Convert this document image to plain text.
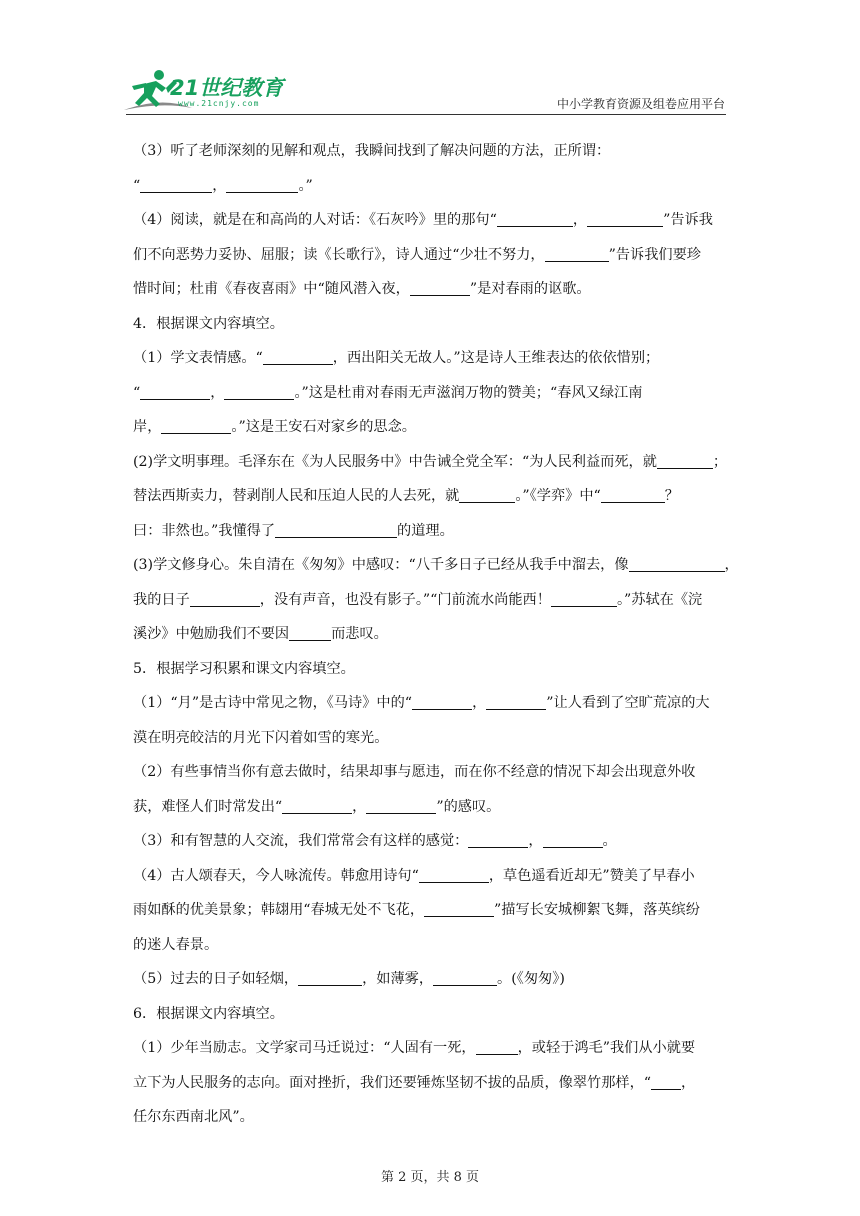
21世纪教育
www.21cnjy.com	中小学教育资源及组卷应用平台
（3）听了老师深刻的见解和观点，我瞬间找到了解决问题的方法，正所谓：
“	，	。”
（4）阅读，就是在和高尚的人对话：《石灰吟》里的那句“	，	”告诉我
们不向恶势力妥协、屈服；读《长歌行》，诗人通过“少壮不努力，	”告诉我们要珍
惜时间；杜甫《春夜喜雨》中“随风潜入夜，	”是对春雨的讴歌。
4．根据课文内容填空。
（1）学文表情感。“	，西出阳关无故人。”这是诗人王维表达的依依惜别；
“	，	。”这是杜甫对春雨无声滋润万物的赞美；“春风又绿江南
岸，	。”这是王安石对家乡的思念。
(2)学文明事理。毛泽东在《为人民服务中》中告诫全党全军：“为人民利益而死，就	；
替法西斯卖力，替剥削人民和压迫人民的人去死，就	。”《学弈》中“	？
曰：非然也。”我懂得了	的道理。
(3)学文修身心。朱自清在《匆匆》中感叹：“八千多日子已经从我手中溜去，像	，
我的日子	，没有声音，也没有影子。”“门前流水尚能西！	。”苏轼在《浣
溪沙》中勉励我们不要因	而悲叹。
5．根据学习积累和课文内容填空。
（1）“月”是古诗中常见之物，《马诗》中的“	，	”让人看到了空旷荒凉的大
漠在明亮皎洁的月光下闪着如雪的寒光。
（2）有些事情当你有意去做时，结果却事与愿违，而在你不经意的情况下却会出现意外收
获，难怪人们时常发出“	，	”的感叹。
（3）和有智慧的人交流，我们常常会有这样的感觉：	，	。
（4）古人颂春天，今人咏流传。韩愈用诗句“	，草色遥看近却无”赞美了早春小
雨如酥的优美景象；韩翃用“春城无处不飞花，	”描写长安城柳絮飞舞，落英缤纷
的迷人春景。
（5）过去的日子如轻烟，	，如薄雾，	。(《匆匆》)
6．根据课文内容填空。
（1）少年当励志。文学家司马迁说过：“人固有一死，	，或轻于鸿毛”我们从小就要
立下为人民服务的志向。面对挫折，我们还要锤炼坚韧不拔的品质，像翠竹那样，“ ，
任尔东西南北风”。
第 2 页，共 8 页
